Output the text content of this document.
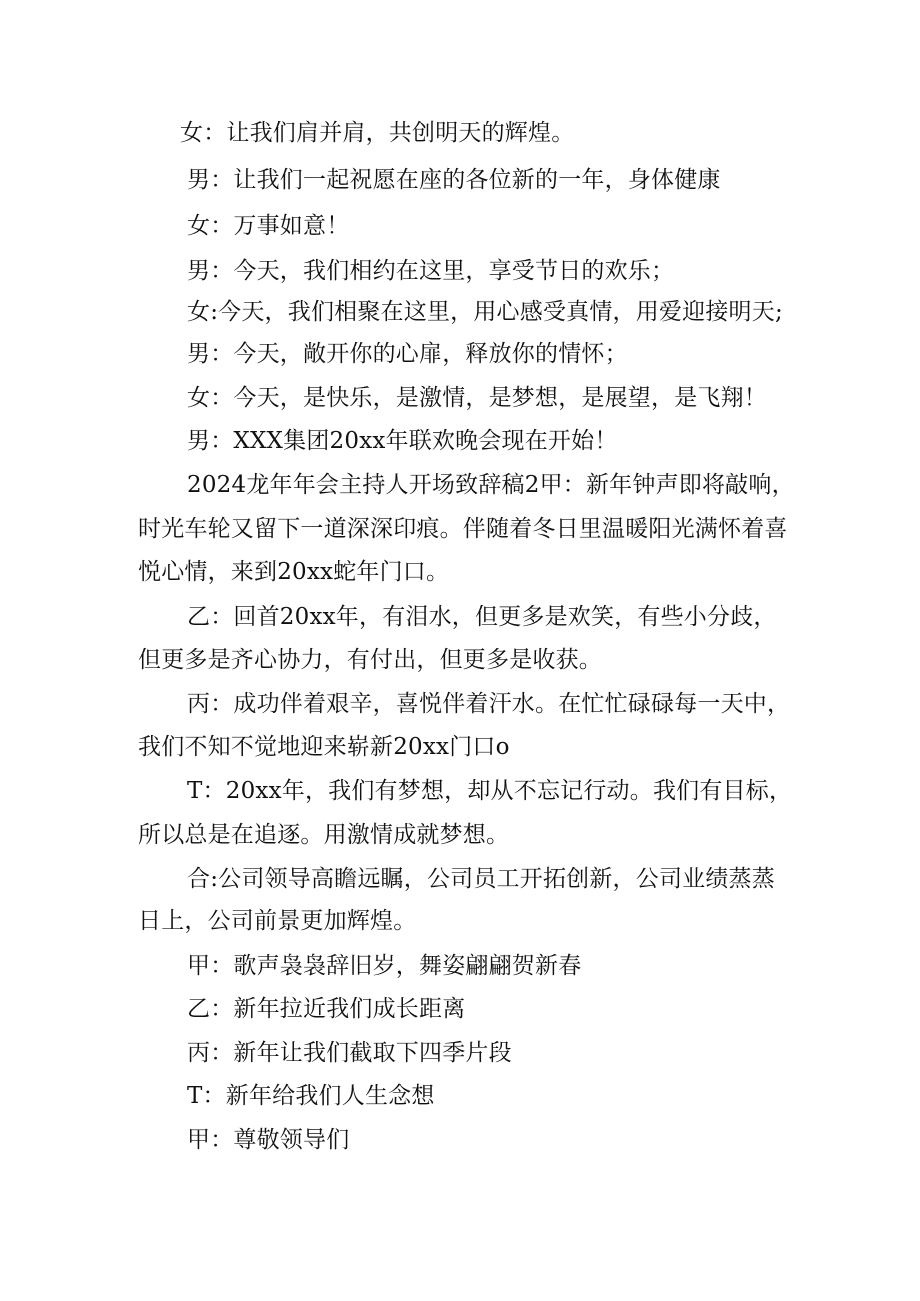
女：让我们肩并肩，共创明天的辉煌。
男：让我们一起祝愿在座的各位新的一年，身体健康
女：万事如意！
男：今天，我们相约在这里，享受节日的欢乐；
女:今天，我们相聚在这里，用心感受真情，用爱迎接明天;
男：今天，敞开你的心扉，释放你的情怀；
女：今天，是快乐，是激情，是梦想，是展望，是飞翔！
男：XXX集团20xx年联欢晚会现在开始！
2024龙年年会主持人开场致辞稿2甲：新年钟声即将敲响，
时光车轮又留下一道深深印痕。伴随着冬日里温暖阳光满怀着喜
悦心情，来到20xx蛇年门口。
乙：回首20xx年，有泪水，但更多是欢笑，有些小分歧，
但更多是齐心协力，有付出，但更多是收获。
丙：成功伴着艰辛，喜悦伴着汗水。在忙忙碌碌每一天中，
我们不知不觉地迎来崭新20xx门口o
T：20xx年，我们有梦想，却从不忘记行动。我们有目标，
所以总是在追逐。用激情成就梦想。
合:公司领导高瞻远瞩，公司员工开拓创新，公司业绩蒸蒸
日上，公司前景更加辉煌。
甲：歌声袅袅辞旧岁，舞姿翩翩贺新春
乙：新年拉近我们成长距离
丙：新年让我们截取下四季片段
T：新年给我们人生念想
甲：尊敬领导们
